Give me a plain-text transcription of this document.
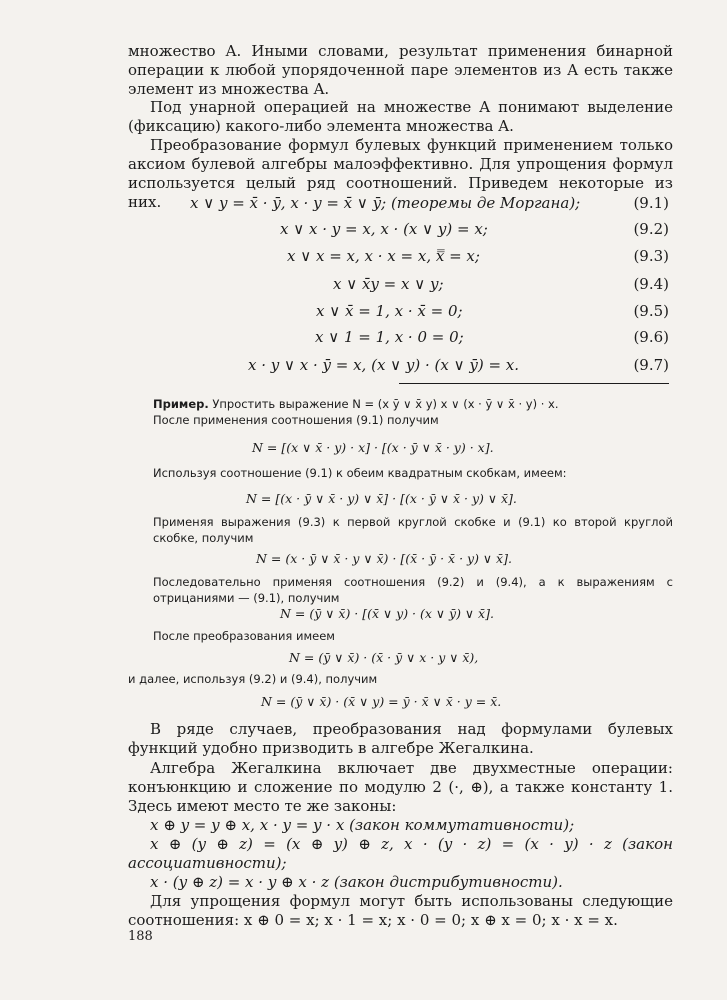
множество A. Иными словами, результат применения бинарной операции к любой упорядоченной паре элементов из A есть также элемент из множества A.
Под унарной операцией на множестве A понимают выделение (фиксацию) какого-либо элемента множества A.
Преобразование формул булевых функций применением только аксиом булевой алгебры малоэффективно. Для упрощения формул используется целый ряд соотношений. Приведем некоторые из них.	x ∨ y = x̄ · ȳ, x · y = x̄ ∨ ȳ; (теоремы де Моргана);	(9.1)
x ∨ x · y = x, x · (x ∨ y) = x;	(9.2)
x ∨ x = x, x · x = x, x̿ = x;	(9.3)
x ∨ x̄y = x ∨ y;	(9.4)
x ∨ x̄ = 1, x · x̄ = 0;	(9.5)
x ∨ 1 = 1, x · 0 = 0;	(9.6)
x · y ∨ x · ȳ = x, (x ∨ y) · (x ∨ ȳ) = x.	(9.7)
Пример. Упростить выражение N = (x ȳ ∨ x̄ y) x ∨ (x · ȳ ∨ x̄ · y) · x.
После применения соотношения (9.1) получим
N = [(x ∨ x̄ · y) · x] · [(x · ȳ ∨ x̄ · y) · x].
Используя соотношение (9.1) к обеим квадратным скобкам, имеем:
N = [(x · ȳ ∨ x̄ · y) ∨ x̄] · [(x · ȳ ∨ x̄ · y) ∨ x̄].
Применяя выражения (9.3) к первой круглой скобке и (9.1) ко второй круглой скобке, получим
N = (x · ȳ ∨ x̄ · y ∨ x̄) · [(x̄ · ȳ · x̄ · y) ∨ x̄].
Последовательно применяя соотношения (9.2) и (9.4), а к выражениям с отрицаниями — (9.1), получим
N = (ȳ ∨ x̄) · [(x̄ ∨ y) · (x ∨ ȳ) ∨ x̄].
После преобразования имеем
N = (ȳ ∨ x̄) · (x̄ · ȳ ∨ x · y ∨ x̄),
и далее, используя (9.2) и (9.4), получим
N = (ȳ ∨ x̄) · (x̄ ∨ y) = ȳ · x̄ ∨ x̄ · y = x̄.
В ряде случаев, преобразования над формулами булевых функций удобно призводить в алгебре Жегалкина.
Алгебра Жегалкина включает две двухместные операции: конъюнкцию и сложение по модулю 2 (·, ⊕), а также константу 1. Здесь имеют место те же законы:
x ⊕ y = y ⊕ x, x · y = y · x (закон коммутативности);
x ⊕ (y ⊕ z) = (x ⊕ y) ⊕ z, x · (y · z) = (x · y) · z (закон ассоциативности);
x · (y ⊕ z) = x · y ⊕ x · z (закон дистрибутивности).
Для упрощения формул могут быть использованы следующие соотношения: x ⊕ 0 = x; x · 1 = x; x · 0 = 0; x ⊕ x = 0; x · x = x.
188
